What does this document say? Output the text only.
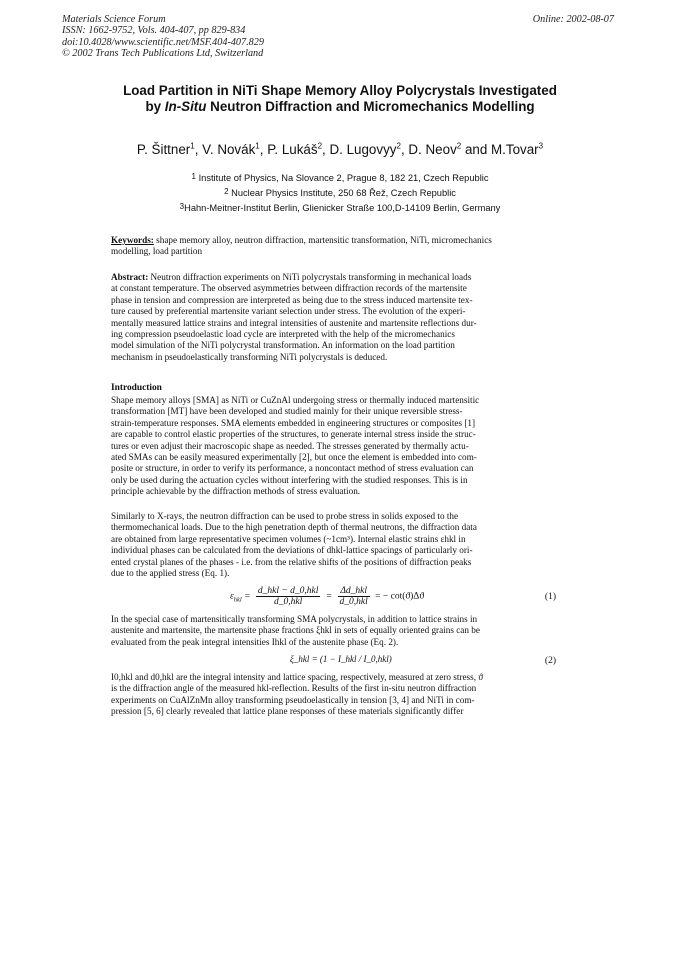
Materials Science Forum
ISSN: 1662-9752, Vols. 404-407, pp 829-834
doi:10.4028/www.scientific.net/MSF.404-407.829
© 2002 Trans Tech Publications Ltd, Switzerland
Online: 2002-08-07
Load Partition in NiTi Shape Memory Alloy Polycrystals Investigated
by In-Situ Neutron Diffraction and Micromechanics Modelling
P. Šittner$^1$, V. Novák$^1$, P. Lukáš$^2$, D. Lugovyy$^2$, D. Neov$^2$ and M.Tovar$^3$
$^1$ Institute of Physics, Na Slovance 2, Prague 8, 182 21, Czech Republic
$^2$ Nuclear Physics Institute, 250 68 Řež, Czech Republic
$^3$Hahn-Meitner-Institut Berlin, Glienicker Straße 100,D-14109 Berlin, Germany
Keywords: shape memory alloy, neutron diffraction, martensitic transformation, NiTi, micromechanics
modelling, load partition
Abstract: Neutron diffraction experiments on NiTi polycrystals transforming in mechanical loads
at constant temperature. The observed asymmetries between diffraction records of the martensite
phase in tension and compression are interpreted as being due to the stress induced martensite tex-
ture caused by preferential martensite variant selection under stress. The evolution of the experi-
mentally measured lattice strains and integral intensities of austenite and martensite reflections dur-
ing compression pseudoelastic load cycle are interpreted with the help of the micromechanics
model simulation of the NiTi polycrystal transformation. An information on the load partition
mechanism in pseudoelastically transforming NiTi polycrystals is deduced.
Introduction
Shape memory alloys [SMA] as NiTi or CuZnAl undergoing stress or thermally induced martensitic
transformation [MT] have been developed and studied mainly for their unique reversible stress-
strain-temperature responses. SMA elements embedded in engineering structures or composites [1]
are capable to control elastic properties of the structures, to generate internal stress inside the struc-
tures or even adjust their macroscopic shape as needed. The stresses generated by thermally actu-
ated SMAs can be easily measured experimentally [2], but once the element is embedded into com-
posite or structure, in order to verify its performance, a noncontact method of stress evaluation can
only be used during the actuation cycles without interfering with the studied responses. This is in
principle achievable by the diffraction methods of stress evaluation.
Similarly to X-rays, the neutron diffraction can be used to probe stress in solids exposed to the
thermomechanical loads. Due to the high penetration depth of thermal neutrons, the diffraction data
are obtained from large representative specimen volumes (~1cm³). Internal elastic strains εhkl in
individual phases can be calculated from the deviations of dhkl-lattice spacings of particularly ori-
ented crystal planes of the phases - i.e. from the relative shifts of the positions of diffraction peaks
due to the applied stress (Eq. 1).
$\varepsilon_{hkl} = \frac{\text{d\_hkl − d\_0,hkl}}{\text{d\_0,hkl}} = \frac{\text{Δd\_hkl}}{\text{d\_0,hkl}}$ = − cot(ϑ)Δϑ	(1)
In the special case of martensitically transforming SMA polycrystals, in addition to lattice strains in
austenite and martensite, the martensite phase fractions ξhkl in sets of equally oriented grains can be
evaluated from the peak integral intensities Ihkl of the austenite phase (Eq. 2).
ξ_hkl = (1 − I_hkl / I_0,hkl)	(2)
I0,hkl and d0,hkl are the integral intensity and lattice spacing, respectively, measured at zero stress, ϑ
is the diffraction angle of the measured hkl-reflection. Results of the first in-situ neutron diffraction
experiments on CuAlZnMn alloy transforming pseudoelastically in tension [3, 4] and NiTi in com-
pression [5, 6] clearly revealed that lattice plane responses of these materials significantly differ
